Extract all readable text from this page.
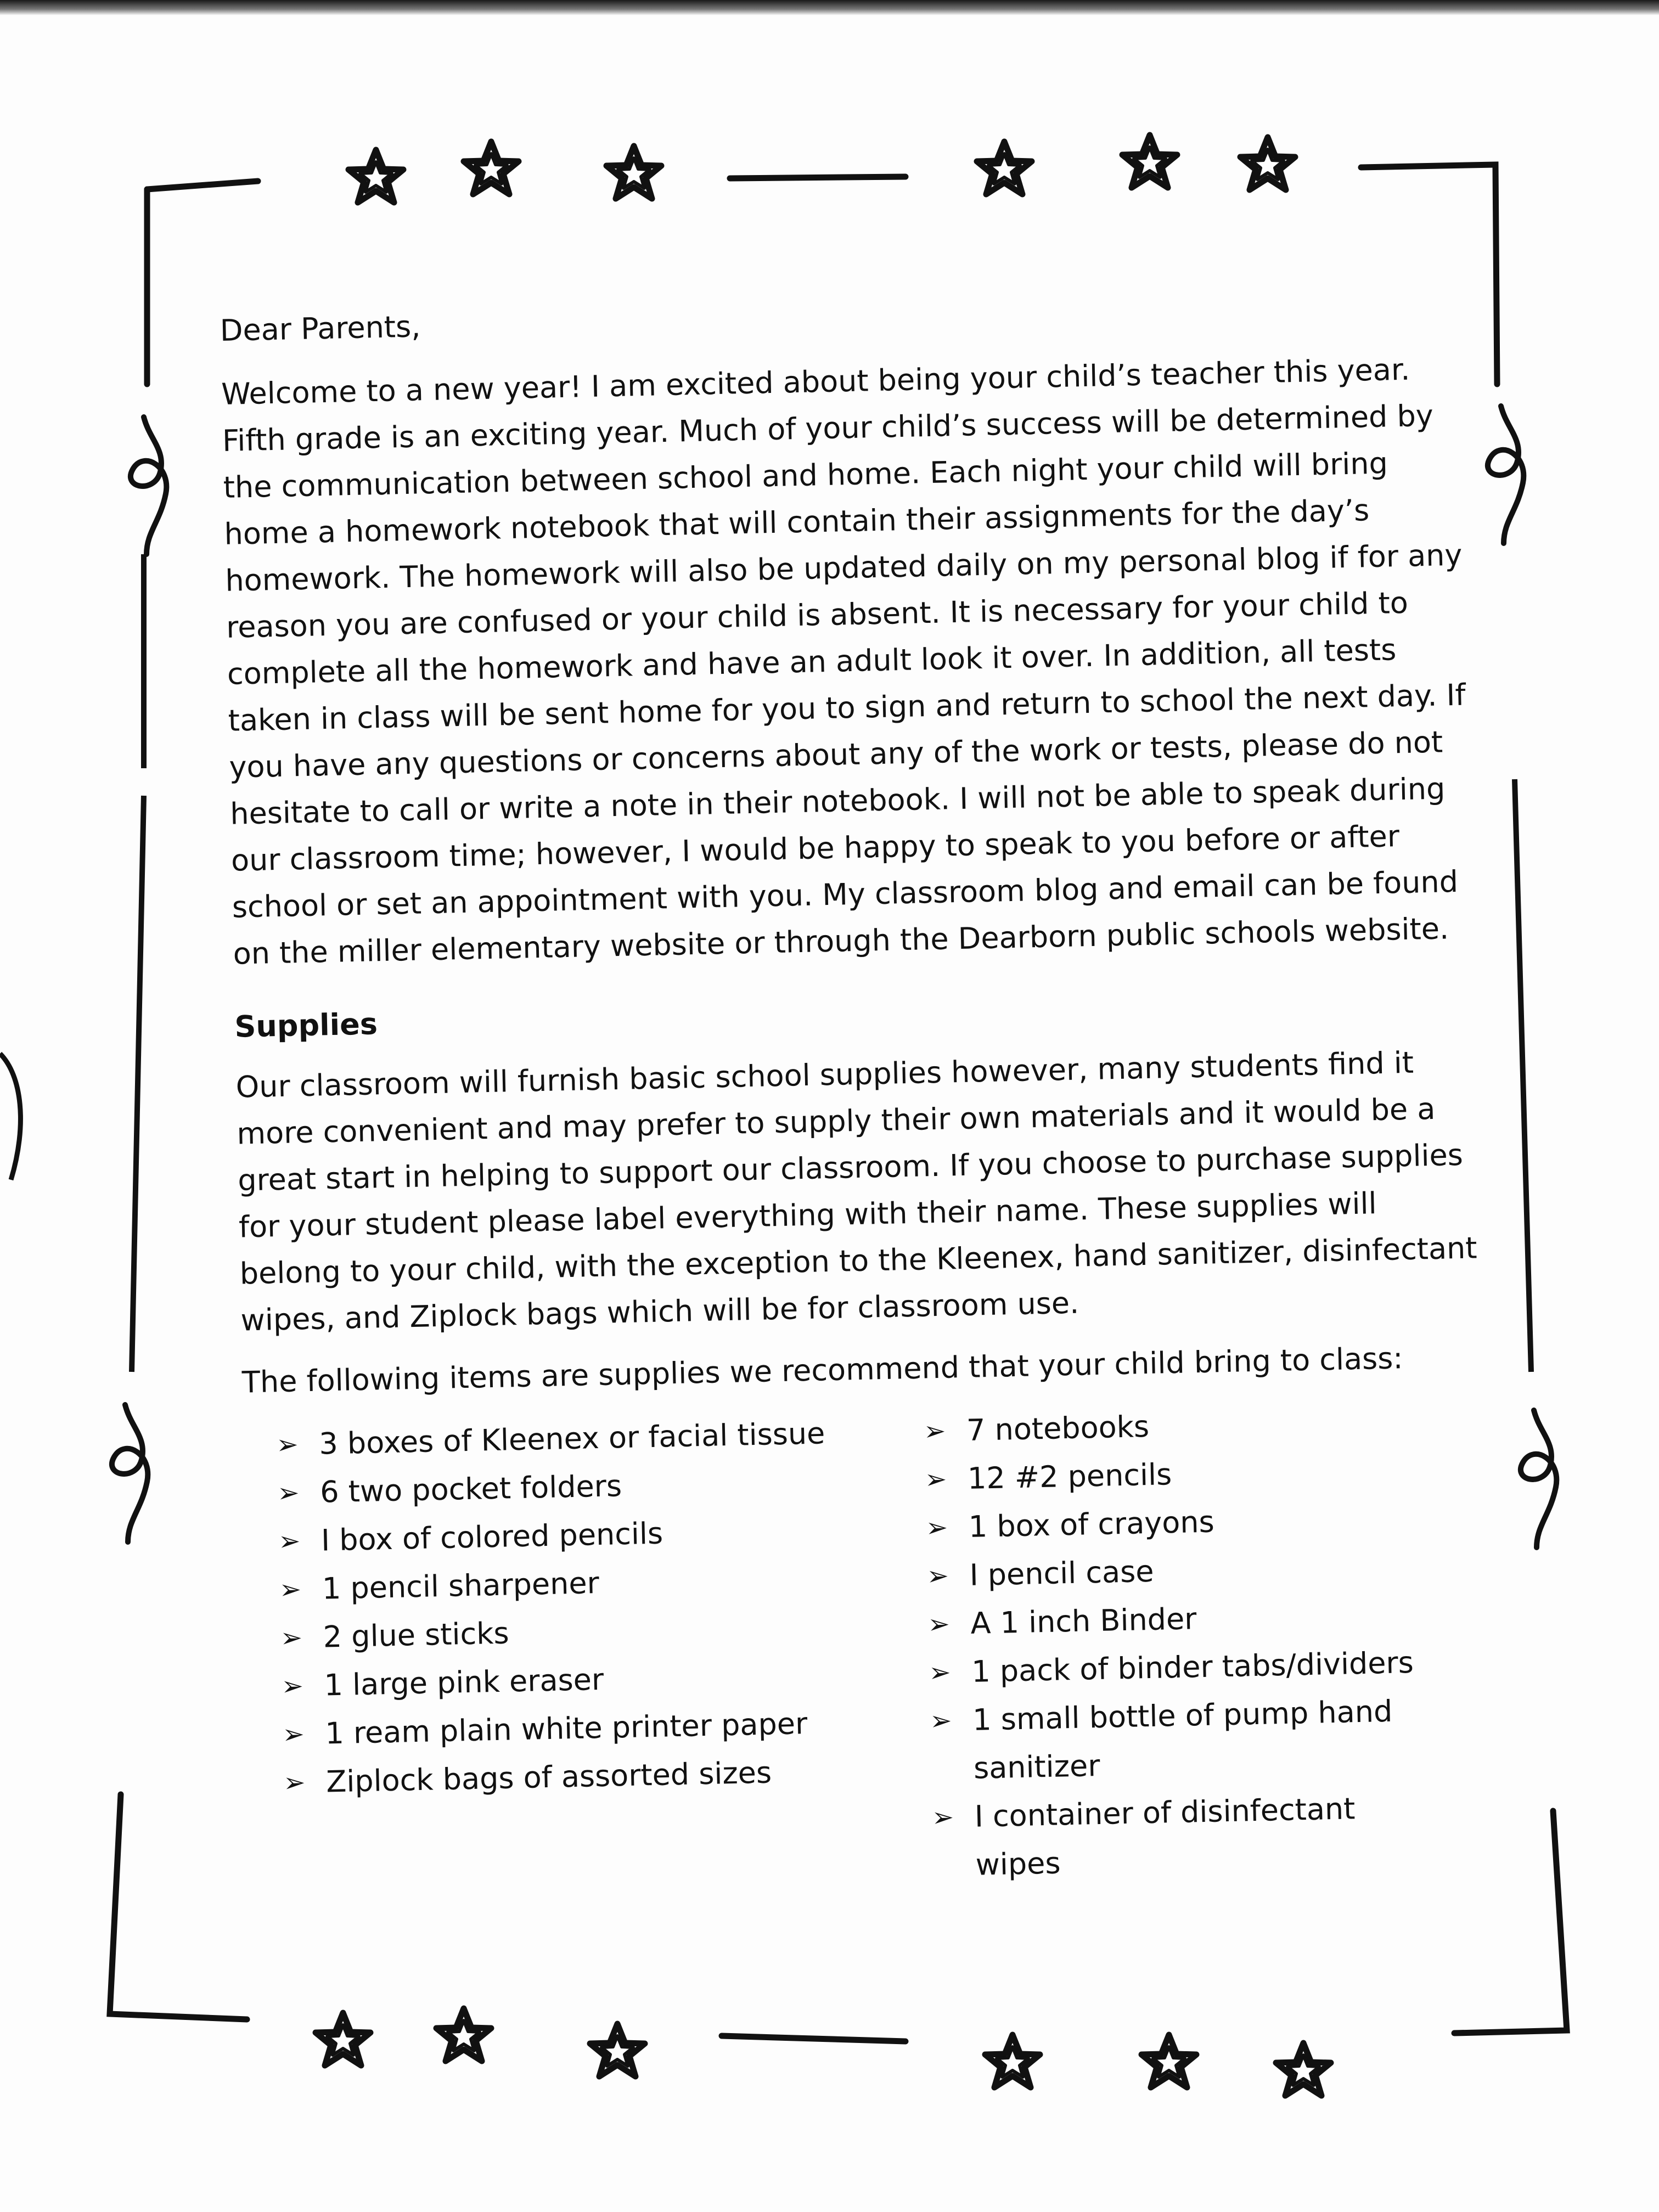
Dear Parents,

Welcome to a new year! I am excited about being your child’s teacher this year. Fifth grade is an exciting year. Much of your child’s success will be determined by the communication between school and home. Each night your child will bring home a homework notebook that will contain their assignments for the day’s homework. The homework will also be updated daily on my personal blog if for any reason you are confused or your child is absent. It is necessary for your child to complete all the homework and have an adult look it over. In addition, all tests taken in class will be sent home for you to sign and return to school the next day. If you have any questions or concerns about any of the work or tests, please do not hesitate to call or write a note in their notebook. I will not be able to speak during our classroom time; however, I would be happy to speak to you before or after school or set an appointment with you. My classroom blog and email can be found on the miller elementary website or through the Dearborn public schools website.

Supplies

Our classroom will furnish basic school supplies however, many students find it more convenient and may prefer to supply their own materials and it would be a great start in helping to support our classroom. If you choose to purchase supplies for your student please label everything with their name. These supplies will belong to your child, with the exception to the Kleenex, hand sanitizer, disinfectant wipes, and Ziplock bags which will be for classroom use.

The following items are supplies we recommend that your child bring to class:

➢ 3 boxes of Kleenex or facial tissue
➢ 6 two pocket folders
➢ I box of colored pencils
➢ 1 pencil sharpener
➢ 2 glue sticks
➢ 1 large pink eraser
➢ 1 ream plain white printer paper
➢ Ziplock bags of assorted sizes
➢ 7 notebooks
➢ 12 #2 pencils
➢ 1 box of crayons
➢ I pencil case
➢ A 1 inch Binder
➢ 1 pack of binder tabs/dividers
➢ 1 small bottle of pump hand sanitizer
➢ I container of disinfectant wipes
